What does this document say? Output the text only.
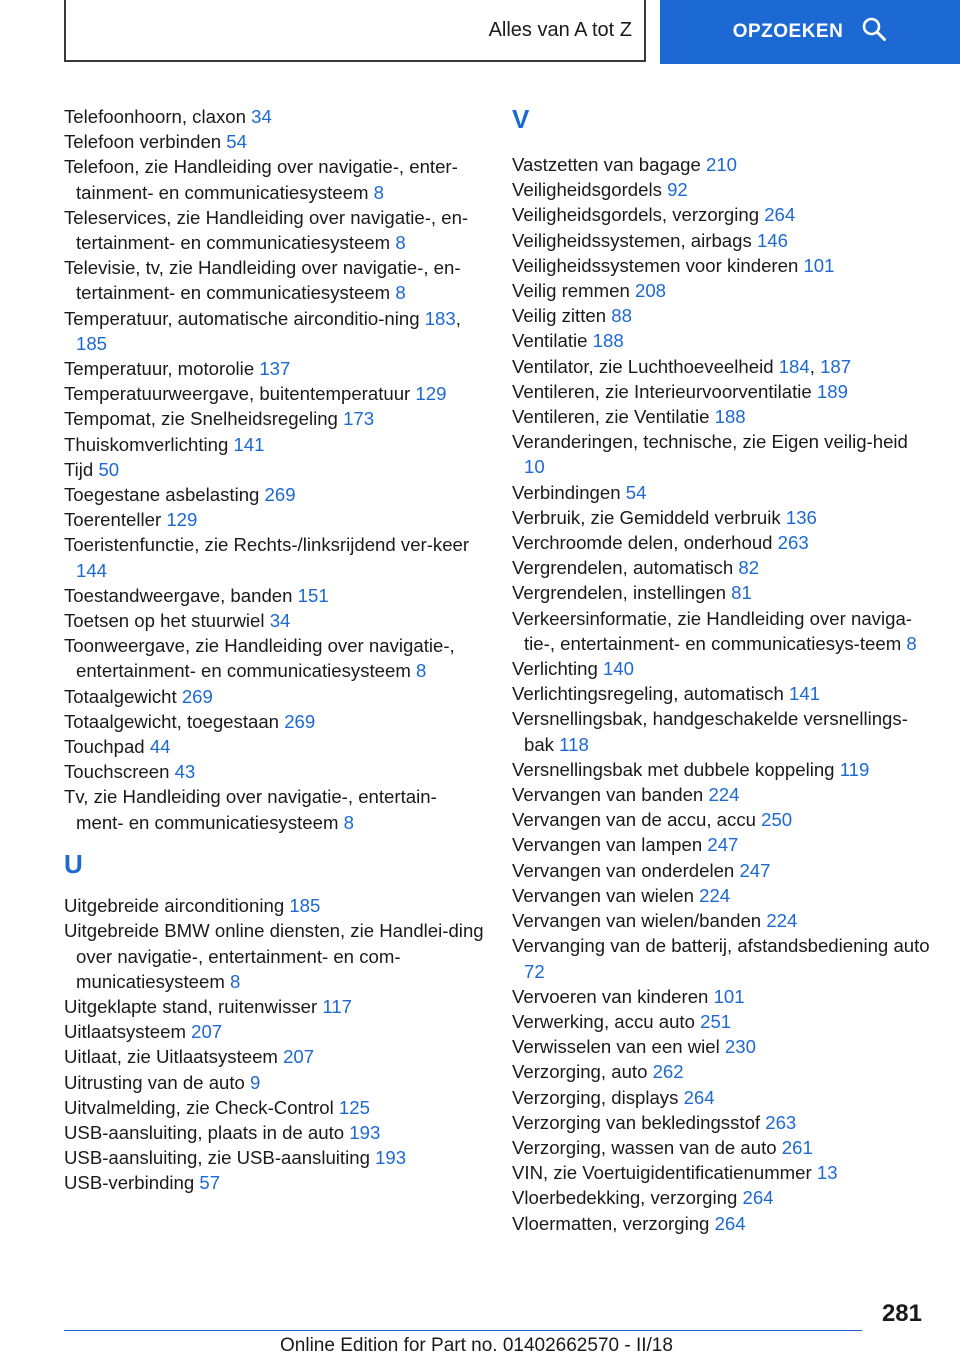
Alles van A tot Z	OPZOEKEN

Telefoonhoorn, claxon 34

Telefoon verbinden 54

Telefoon, zie Handleiding over navigatie-, enter-tainment- en communicatiesysteem 8

Teleservices, zie Handleiding over navigatie-, en-tertainment- en communicatiesysteem 8

Televisie, tv, zie Handleiding over navigatie-, en-tertainment- en communicatiesysteem 8

Temperatuur, automatische airconditio-ning 183, 185

Temperatuur, motorolie 137

Temperatuurweergave, buitentemperatuur 129

Tempomat, zie Snelheidsregeling 173

Thuiskomverlichting 141

Tijd 50

Toegestane asbelasting 269

Toerenteller 129

Toeristenfunctie, zie Rechts-/linksrijdend ver-keer 144

Toestandweergave, banden 151

Toetsen op het stuurwiel 34

Toonweergave, zie Handleiding over navigatie-, entertainment- en communicatiesysteem 8

Totaalgewicht 269

Totaalgewicht, toegestaan 269

Touchpad 44

Touchscreen 43

Tv, zie Handleiding over navigatie-, entertain-ment- en communicatiesysteem 8

U

Uitgebreide airconditioning 185

Uitgebreide BMW online diensten, zie Handlei-ding over navigatie-, entertainment- en com-municatiesysteem 8

Uitgeklapte stand, ruitenwisser 117

Uitlaatsysteem 207

Uitlaat, zie Uitlaatsysteem 207

Uitrusting van de auto 9

Uitvalmelding, zie Check-Control 125

USB-aansluiting, plaats in de auto 193

USB-aansluiting, zie USB-aansluiting 193

USB-verbinding 57

V

Vastzetten van bagage 210

Veiligheidsgordels 92

Veiligheidsgordels, verzorging 264

Veiligheidssystemen, airbags 146

Veiligheidssystemen voor kinderen 101

Veilig remmen 208

Veilig zitten 88

Ventilatie 188

Ventilator, zie Luchthoeveelheid 184, 187

Ventileren, zie Interieurvoorventilatie 189

Ventileren, zie Ventilatie 188

Veranderingen, technische, zie Eigen veilig-heid 10

Verbindingen 54

Verbruik, zie Gemiddeld verbruik 136

Verchroomde delen, onderhoud 263

Vergrendelen, automatisch 82

Vergrendelen, instellingen 81

Verkeersinformatie, zie Handleiding over naviga-tie-, entertainment- en communicatiesys-teem 8

Verlichting 140

Verlichtingsregeling, automatisch 141

Versnellingsbak, handgeschakelde versnellings-bak 118

Versnellingsbak met dubbele koppeling 119

Vervangen van banden 224

Vervangen van de accu, accu 250

Vervangen van lampen 247

Vervangen van onderdelen 247

Vervangen van wielen 224

Vervangen van wielen/banden 224

Vervanging van de batterij, afstandsbediening auto 72

Vervoeren van kinderen 101

Verwerking, accu auto 251

Verwisselen van een wiel 230

Verzorging, auto 262

Verzorging, displays 264

Verzorging van bekledingsstof 263

Verzorging, wassen van de auto 261

VIN, zie Voertuigidentificatienummer 13

Vloerbedekking, verzorging 264

Vloermatten, verzorging 264

281
Online Edition for Part no. 01402662570 - II/18
